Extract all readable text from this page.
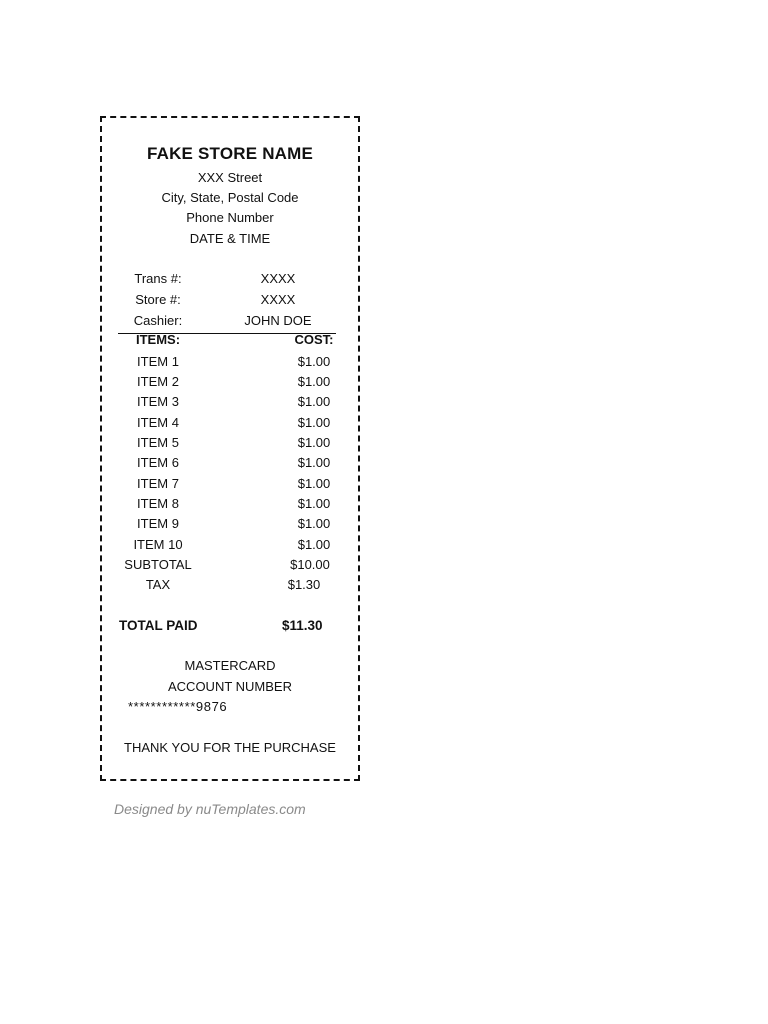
FAKE STORE NAME
XXX Street
City, State, Postal Code
Phone Number
DATE & TIME
Trans #:	XXXX
Store #:	XXXX
Cashier:	JOHN DOE
ITEMS:	COST:
ITEM 1	$1.00
ITEM 2	$1.00
ITEM 3	$1.00
ITEM 4	$1.00
ITEM 5	$1.00
ITEM 6	$1.00
ITEM 7	$1.00
ITEM 8	$1.00
ITEM 9	$1.00
ITEM 10	$1.00
SUBTOTAL	$10.00
TAX	$1.30
TOTAL PAID	$11.30
MASTERCARD
ACCOUNT NUMBER
************9876
THANK YOU FOR THE PURCHASE
Designed by nuTemplates.com
